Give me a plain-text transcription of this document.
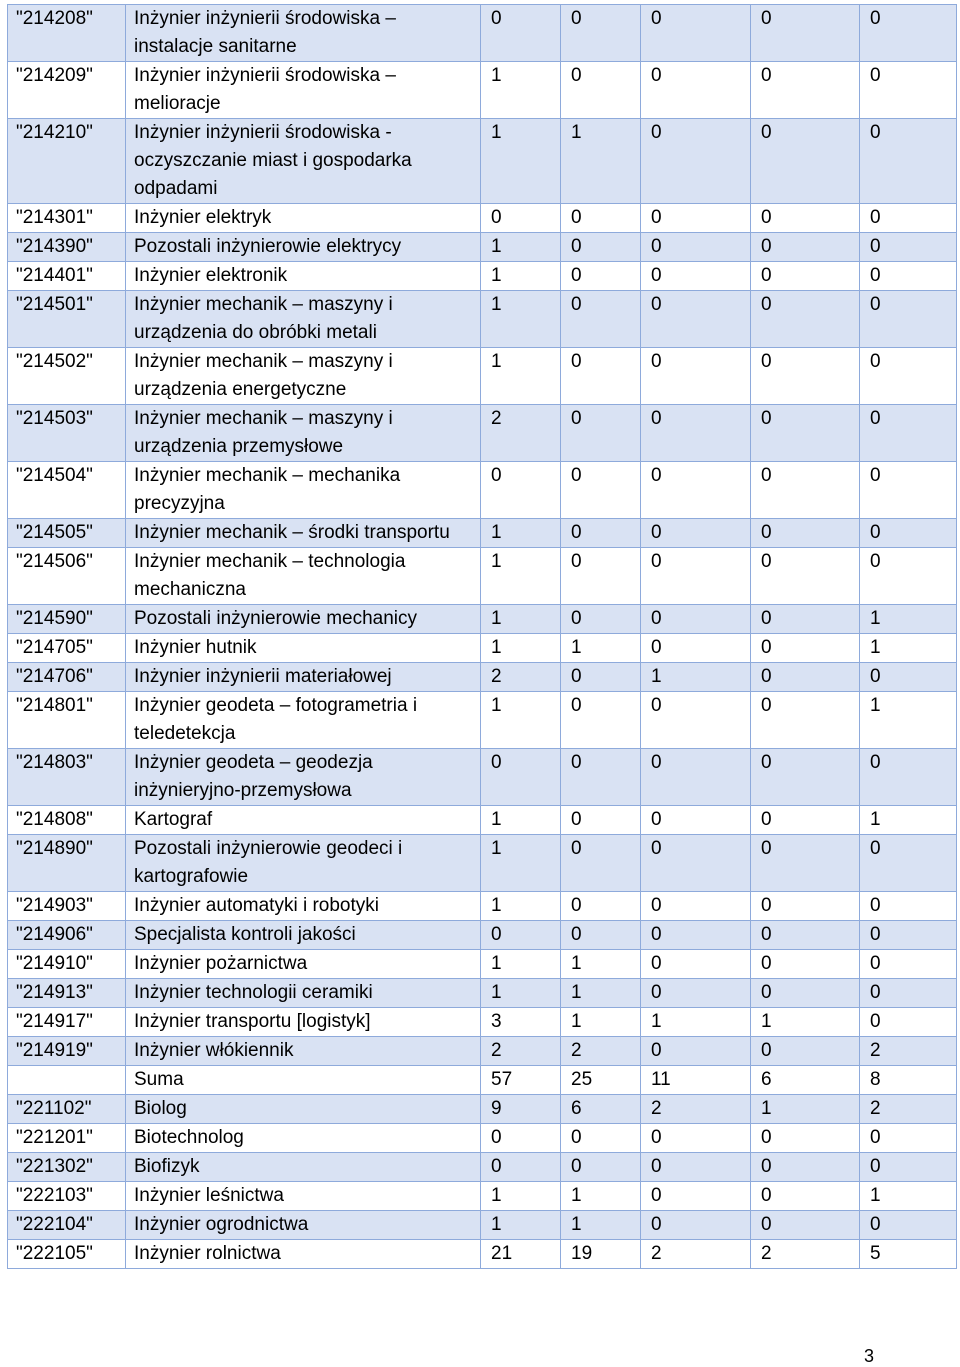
"214208"	Inżynier inżynierii środowiska – instalacje sanitarne	0	0	0	0	0
"214209"	Inżynier inżynierii środowiska – melioracje	1	0	0	0	0
"214210"	Inżynier inżynierii środowiska - oczyszczanie miast i gospodarka odpadami	1	1	0	0	0
"214301"	Inżynier elektryk	0	0	0	0	0
"214390"	Pozostali inżynierowie elektrycy	1	0	0	0	0
"214401"	Inżynier elektronik	1	0	0	0	0
"214501"	Inżynier mechanik – maszyny i urządzenia do obróbki metali	1	0	0	0	0
"214502"	Inżynier mechanik – maszyny i urządzenia energetyczne	1	0	0	0	0
"214503"	Inżynier mechanik – maszyny i urządzenia przemysłowe	2	0	0	0	0
"214504"	Inżynier mechanik – mechanika precyzyjna	0	0	0	0	0
"214505"	Inżynier mechanik – środki transportu	1	0	0	0	0
"214506"	Inżynier mechanik – technologia mechaniczna	1	0	0	0	0
"214590"	Pozostali inżynierowie mechanicy	1	0	0	0	1
"214705"	Inżynier hutnik	1	1	0	0	1
"214706"	Inżynier inżynierii materiałowej	2	0	1	0	0
"214801"	Inżynier geodeta – fotogrametria i teledetekcja	1	0	0	0	1
"214803"	Inżynier geodeta – geodezja inżynieryjno-przemysłowa	0	0	0	0	0
"214808"	Kartograf	1	0	0	0	1
"214890"	Pozostali inżynierowie geodeci i kartografowie	1	0	0	0	0
"214903"	Inżynier automatyki i robotyki	1	0	0	0	0
"214906"	Specjalista kontroli jakości	0	0	0	0	0
"214910"	Inżynier pożarnictwa	1	1	0	0	0
"214913"	Inżynier technologii ceramiki	1	1	0	0	0
"214917"	Inżynier transportu [logistyk]	3	1	1	1	0
"214919"	Inżynier włókiennik	2	2	0	0	2
	Suma	57	25	11	6	8
"221102"	Biolog	9	6	2	1	2
"221201"	Biotechnolog	0	0	0	0	0
"221302"	Biofizyk	0	0	0	0	0
"222103"	Inżynier leśnictwa	1	1	0	0	1
"222104"	Inżynier ogrodnictwa	1	1	0	0	0
"222105"	Inżynier rolnictwa	21	19	2	2	5
3
